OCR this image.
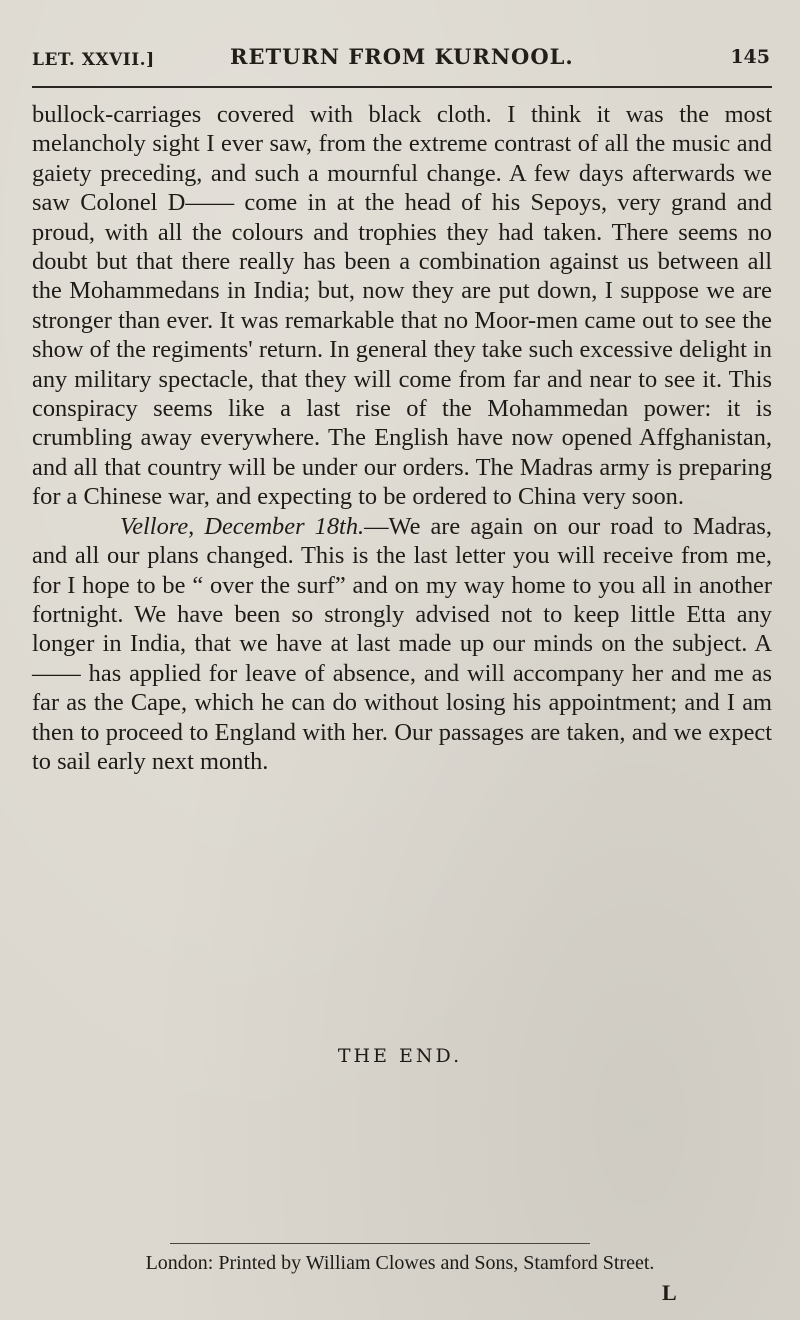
LET. XXVII.]	RETURN FROM KURNOOL.	145

bullock-carriages covered with black cloth. I think it was the most melancholy sight I ever saw, from the extreme contrast of all the music and gaiety preceding, and such a mournful change. A few days afterwards we saw Colonel D—— come in at the head of his Sepoys, very grand and proud, with all the colours and trophies they had taken. There seems no doubt but that there really has been a combination against us between all the Mohammedans in India; but, now they are put down, I suppose we are stronger than ever. It was remarkable that no Moor-men came out to see the show of the regiments' return. In general they take such excessive delight in any military spectacle, that they will come from far and near to see it. This conspiracy seems like a last rise of the Mohammedan power: it is crumbling away everywhere. The English have now opened Affghanistan, and all that country will be under our orders. The Madras army is preparing for a Chinese war, and expecting to be ordered to China very soon.

Vellore, December 18th.—We are again on our road to Madras, and all our plans changed. This is the last letter you will receive from me, for I hope to be “ over the surf” and on my way home to you all in another fortnight. We have been so strongly advised not to keep little Etta any longer in India, that we have at last made up our minds on the subject. A—— has applied for leave of absence, and will accompany her and me as far as the Cape, which he can do without losing his appointment; and I am then to proceed to England with her. Our passages are taken, and we expect to sail early next month.

THE END.
London: Printed by William Clowes and Sons, Stamford Street.
L
